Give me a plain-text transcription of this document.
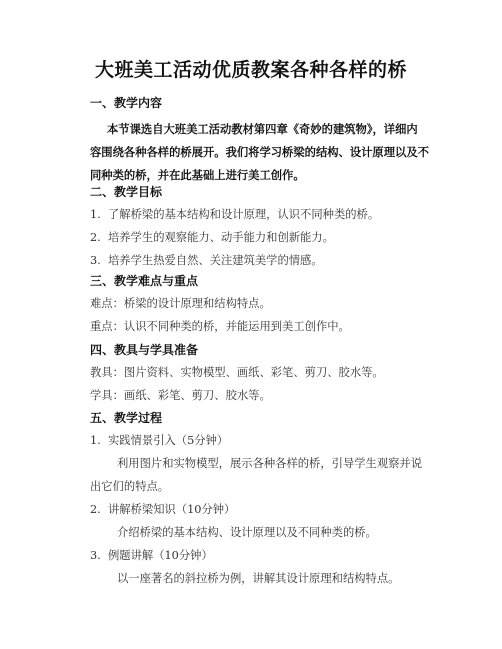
大班美工活动优质教案各种各样的桥
一、教学内容
本节课选自大班美工活动教材第四章《奇妙的建筑物》，详细内
容围绕各种各样的桥展开。我们将学习桥梁的结构、设计原理以及不
同种类的桥，并在此基础上进行美工创作。
二、教学目标
1. 了解桥梁的基本结构和设计原理，认识不同种类的桥。
2. 培养学生的观察能力、动手能力和创新能力。
3. 培养学生热爱自然、关注建筑美学的情感。
三、教学难点与重点
难点：桥梁的设计原理和结构特点。
重点：认识不同种类的桥，并能运用到美工创作中。
四、教具与学具准备
教具：图片资料、实物模型、画纸、彩笔、剪刀、胶水等。
学具：画纸、彩笔、剪刀、胶水等。
五、教学过程
1. 实践情景引入（5分钟）
利用图片和实物模型，展示各种各样的桥，引导学生观察并说
出它们的特点。
2. 讲解桥梁知识（10分钟）
介绍桥梁的基本结构、设计原理以及不同种类的桥。
3. 例题讲解（10分钟）
以一座著名的斜拉桥为例，讲解其设计原理和结构特点。
